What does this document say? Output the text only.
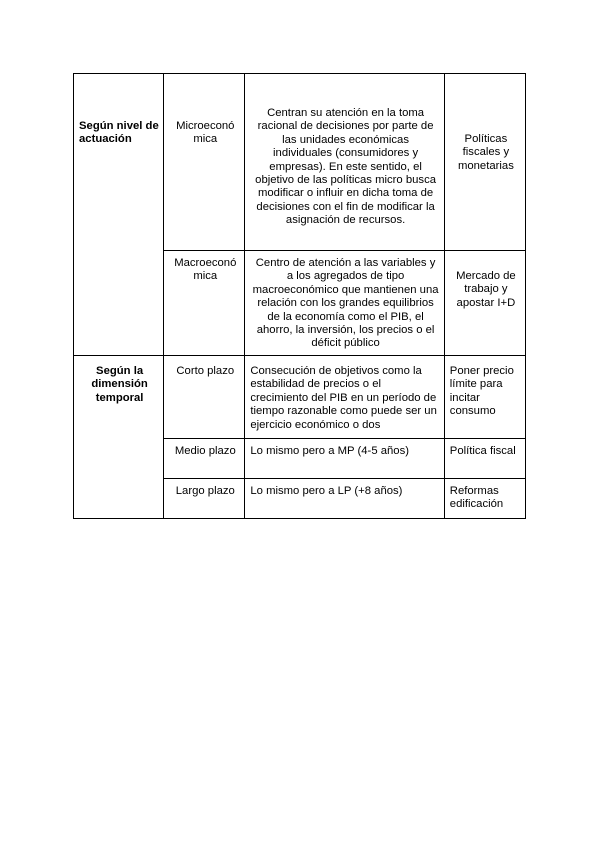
Según nivel de actuación	Microeconó mica	Centran su atención en la toma racional de decisiones por parte de las unidades económicas individuales (consumidores y empresas). En este sentido, el objetivo de las políticas micro busca modificar o influir en dicha toma de decisiones con el fin de modificar la asignación de recursos.	Políticas fiscales y monetarias

	Macroeconó mica	Centro de atención a las variables y a los agregados de tipo macroeconómico que mantienen una relación con los grandes equilibrios de la economía como el PIB, el ahorro, la inversión, los precios o el déficit público	Mercado de trabajo y apostar I+D

Según la dimensión temporal	Corto plazo	Consecución de objetivos como la estabilidad de precios o el crecimiento del PIB en un período de tiempo razonable como puede ser un ejercicio económico o dos	Poner precio límite para incitar consumo

	Medio plazo	Lo mismo pero a MP (4-5 años)	Política fiscal

	Largo plazo	Lo mismo pero a LP (+8 años)	Reformas edificación
